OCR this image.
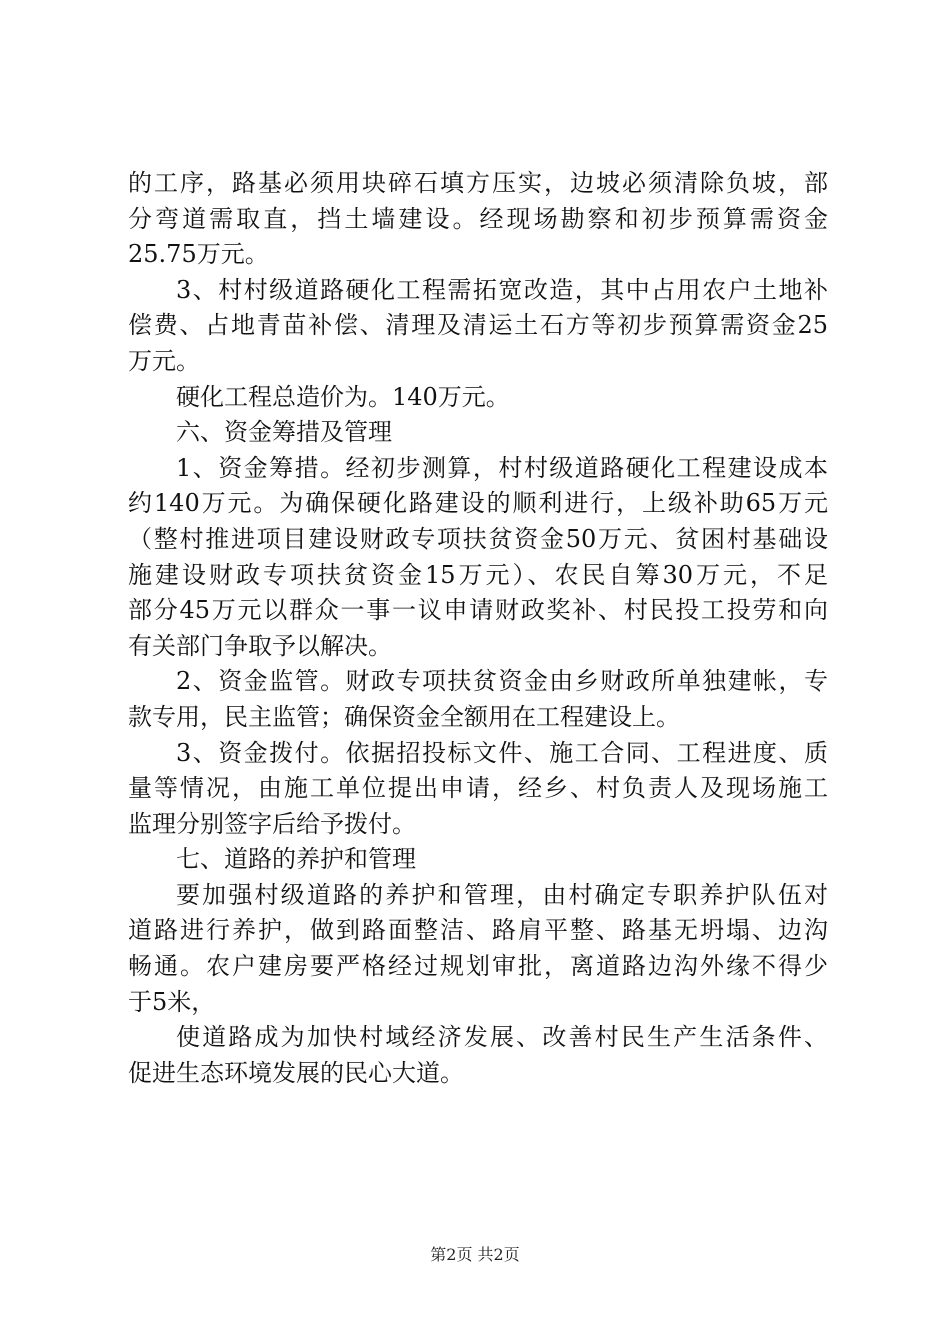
的工序，路基必须用块碎石填方压实，边坡必须清除负坡，部
分弯道需取直，挡土墙建设。经现场勘察和初步预算需资金
25.75万元。
3、村村级道路硬化工程需拓宽改造，其中占用农户土地补
偿费、占地青苗补偿、清理及清运土石方等初步预算需资金25
万元。
硬化工程总造价为。140万元。
六、资金筹措及管理
1、资金筹措。经初步测算，村村级道路硬化工程建设成本
约140万元。为确保硬化路建设的顺利进行，上级补助65万元
（整村推进项目建设财政专项扶贫资金50万元、贫困村基础设
施建设财政专项扶贫资金15万元）、农民自筹30万元，不足
部分45万元以群众一事一议申请财政奖补、村民投工投劳和向
有关部门争取予以解决。
2、资金监管。财政专项扶贫资金由乡财政所单独建帐，专
款专用，民主监管；确保资金全额用在工程建设上。
3、资金拨付。依据招投标文件、施工合同、工程进度、质
量等情况，由施工单位提出申请，经乡、村负责人及现场施工
监理分别签字后给予拨付。
七、道路的养护和管理
要加强村级道路的养护和管理，由村确定专职养护队伍对
道路进行养护，做到路面整洁、路肩平整、路基无坍塌、边沟
畅通。农户建房要严格经过规划审批，离道路边沟外缘不得少
于5米，
使道路成为加快村域经济发展、改善村民生产生活条件、
促进生态环境发展的民心大道。
第2页 共2页
